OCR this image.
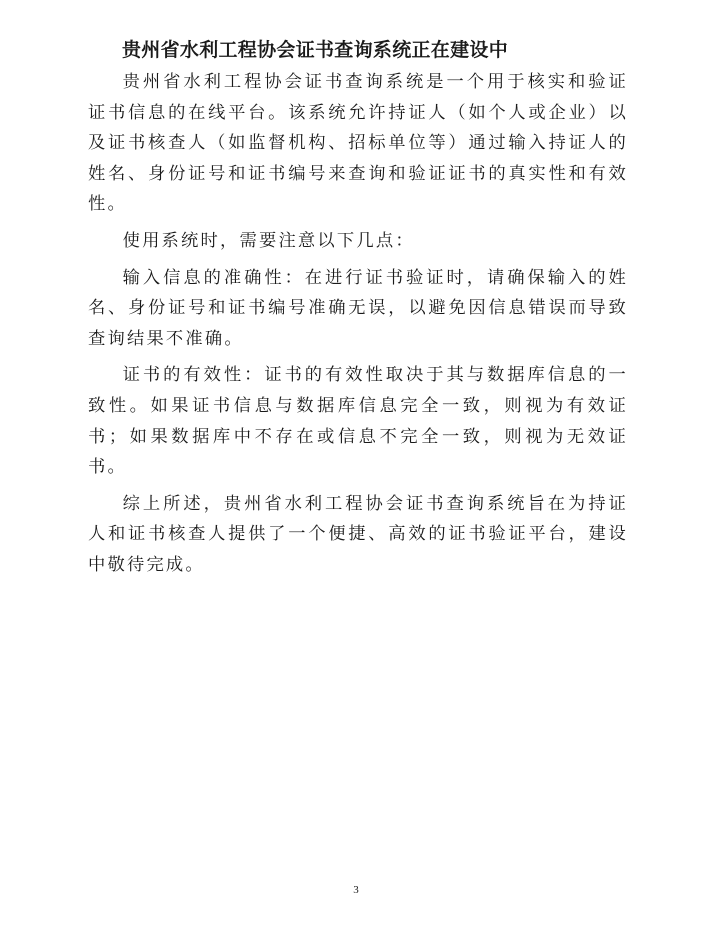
贵州省水利工程协会证书查询系统正在建设中

贵州省水利工程协会证书查询系统是一个用于核实和验证证书信息的在线平台。该系统允许持证人（如个人或企业）以及证书核查人（如监督机构、招标单位等）通过输入持证人的姓名、身份证号和证书编号来查询和验证证书的真实性和有效性。

使用系统时，需要注意以下几点：

输入信息的准确性：在进行证书验证时，请确保输入的姓名、身份证号和证书编号准确无误，以避免因信息错误而导致查询结果不准确。

证书的有效性：证书的有效性取决于其与数据库信息的一致性。如果证书信息与数据库信息完全一致，则视为有效证书；如果数据库中不存在或信息不完全一致，则视为无效证书。

综上所述，贵州省水利工程协会证书查询系统旨在为持证人和证书核查人提供了一个便捷、高效的证书验证平台，建设中敬待完成。

3
